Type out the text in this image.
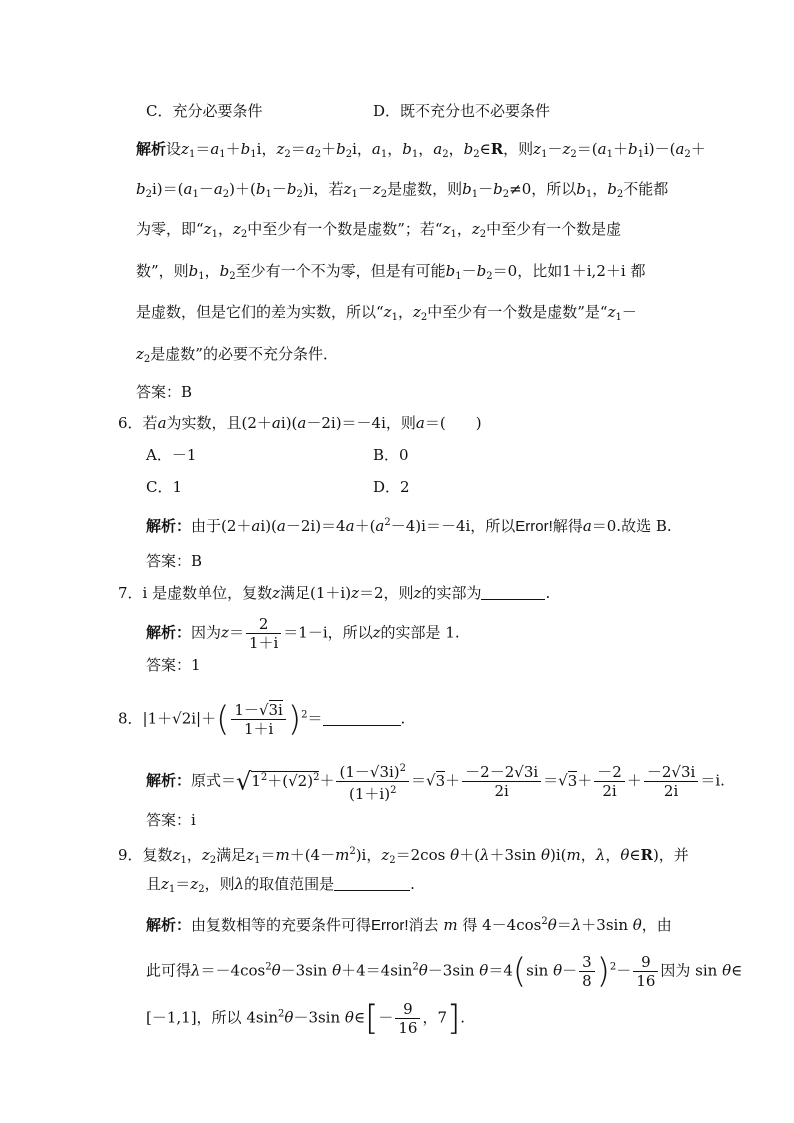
C．充分必要条件	D．既不充分也不必要条件
解析设$z_1=a_1+b_1i$，$z_2=a_2+b_2i$，$a_1$，$b_1$，$a_2$，$b_2\in R$，则$z_1-z_2=(a_1+b_1i)-(a_2+$
$b_2i)=(a_1-a_2)+(b_1-b_2)i$，若$z_1-z_2$是虚数，则$b_1-b_2\ne 0$，所以$b_1$，$b_2$不能都
为零，即“$z_1$，$z_2$中至少有一个数是虚数”；若“$z_1$，$z_2$中至少有一个数是虚
数”，则$b_1$，$b_2$至少有一个不为零，但是有可能$b_1-b_2=0$，比如1＋i,2＋i 都
是虚数，但是它们的差为实数，所以“$z_1$，$z_2$中至少有一个数是虚数”是“$z_1-$
$z_2$是虚数”的必要不充分条件．
答案：B
6．若a为实数，且(2＋ai)(a－2i)＝－4i，则a＝(　　)
A．－1	B．0
C．1	D．2
解析：由于$(2+ai)(a-2i)=4a+(a^2-4)i=-4i$，所以Error!解得a＝0.故选 B.
答案：B
7．i 是虚数单位，复数z满足(1＋i)z＝2，则z的实部为	.
解析：因为$z= \frac{2}{1+i} =1-i$，所以z的实部是 1.
答案：1
8．$|1+√2i|+( \frac{1-√3i}{1+i} )^2=$	.
解析：原式$=√1^2+(√2)^2+ \frac{(1-√3i)^2}{(1+i)^2} =√3+ \frac{-2-2√3i}{2i} =√3+ \frac{-2}{2i} + \frac{-2√3i}{2i} =i$.
答案：i
9．复数$z_1$，$z_2$满足$z_1=m+(4-m^2)i$，$z_2=2\cos$ θ＋(λ＋3sin θ)i(m，λ，θ∈R)，并
且$z_1=z_2$，则λ的取值范围是	.
解析：由复数相等的充要条件可得Error!消去 m 得 $4-4\cos^2\theta=\lambda+3\sin$ θ，由
此可得$\lambda=-4\cos^2\theta-3\sin$ $\theta+4=4\sin^2\theta-3\sin$ θ＝4(sin $\theta- \frac{3}{8} )^2- \frac{9}{16}$ 因为 sin θ∈
[－1,1]，所以 $4\sin^2\theta-3\sin$ θ∈[－ $\frac{9}{16}$ ，7].
